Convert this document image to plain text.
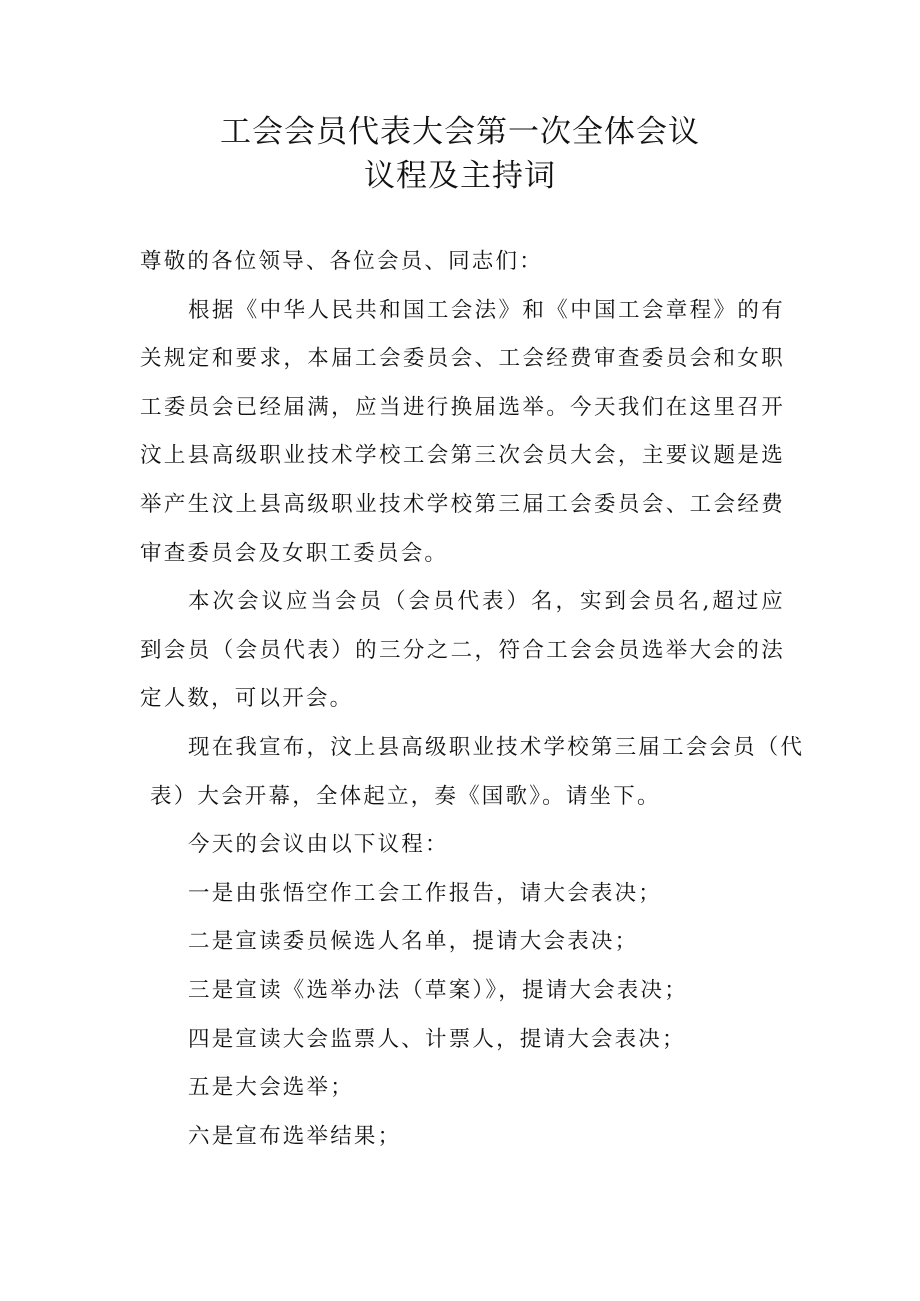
工会会员代表大会第一次全体会议
议程及主持词

尊敬的各位领导、各位会员、同志们：

根据《中华人民共和国工会法》和《中国工会章程》的有关规定和要求，本届工会委员会、工会经费审查委员会和女职工委员会已经届满，应当进行换届选举。今天我们在这里召开汶上县高级职业技术学校工会第三次会员大会，主要议题是选举产生汶上县高级职业技术学校第三届工会委员会、工会经费审查委员会及女职工委员会。

本次会议应当会员（会员代表）名，实到会员名,超过应到会员（会员代表）的三分之二，符合工会会员选举大会的法定人数，可以开会。

现在我宣布，汶上县高级职业技术学校第三届工会会员（代
表）大会开幕，全体起立，奏《国歌》。请坐下。

今天的会议由以下议程：

一是由张悟空作工会工作报告，请大会表决；

二是宣读委员候选人名单，提请大会表决；

三是宣读《选举办法（草案）》，提请大会表决；

四是宣读大会监票人、计票人，提请大会表决；

五是大会选举；

六是宣布选举结果；
